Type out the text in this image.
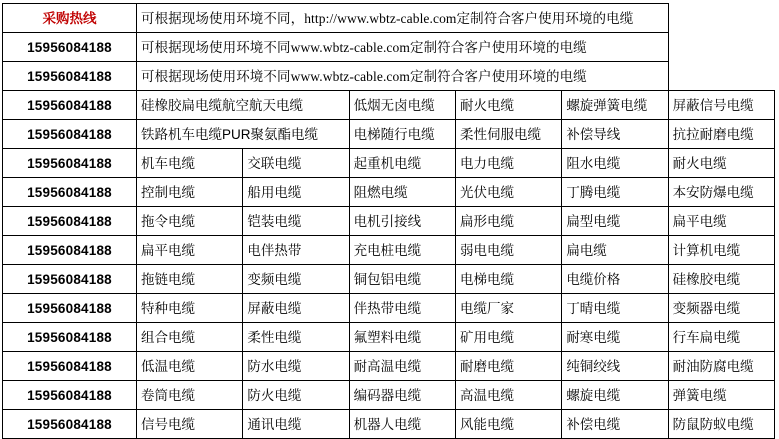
采购热线	可根据现场使用环境不同，http://www.wbtz-cable.com定制符合客户使用环境的电缆					
15956084188	可根据现场使用环境不同www.wbtz-cable.com定制符合客户使用环境的电缆					
15956084188	可根据现场使用环境不同www.wbtz-cable.com定制符合客户使用环境的电缆					
15956084188	硅橡胶扁电缆航空航天电缆		低烟无卤电缆	耐火电缆	螺旋弹簧电缆	屏蔽信号电缆
15956084188	铁路机车电缆PUR聚氨酯电缆		电梯随行电缆	柔性伺服电缆	补偿导线	抗拉耐磨电缆
15956084188	机车电缆	交联电缆	起重机电缆	电力电缆	阻水电缆	耐火电缆
15956084188	控制电缆	船用电缆	阻燃电缆	光伏电缆	丁腾电缆	本安防爆电缆
15956084188	拖令电缆	铠装电缆	电机引接线	扁形电缆	扁型电缆	扁平电缆
15956084188	扁平电缆	电伴热带	充电桩电缆	弱电电缆	扁电缆	计算机电缆
15956084188	拖链电缆	变频电缆	铜包铝电缆	电梯电缆	电缆价格	硅橡胶电缆
15956084188	特种电缆	屏蔽电缆	伴热带电缆	电缆厂家	丁晴电缆	变频器电缆
15956084188	组合电缆	柔性电缆	氟塑料电缆	矿用电缆	耐寒电缆	行车扁电缆
15956084188	低温电缆	防水电缆	耐高温电缆	耐磨电缆	纯铜绞线	耐油防腐电缆
15956084188	卷筒电缆	防火电缆	编码器电缆	高温电缆	螺旋电缆	弹簧电缆
15956084188	信号电缆	通讯电缆	机器人电缆	风能电缆	补偿电缆	防鼠防蚁电缆
